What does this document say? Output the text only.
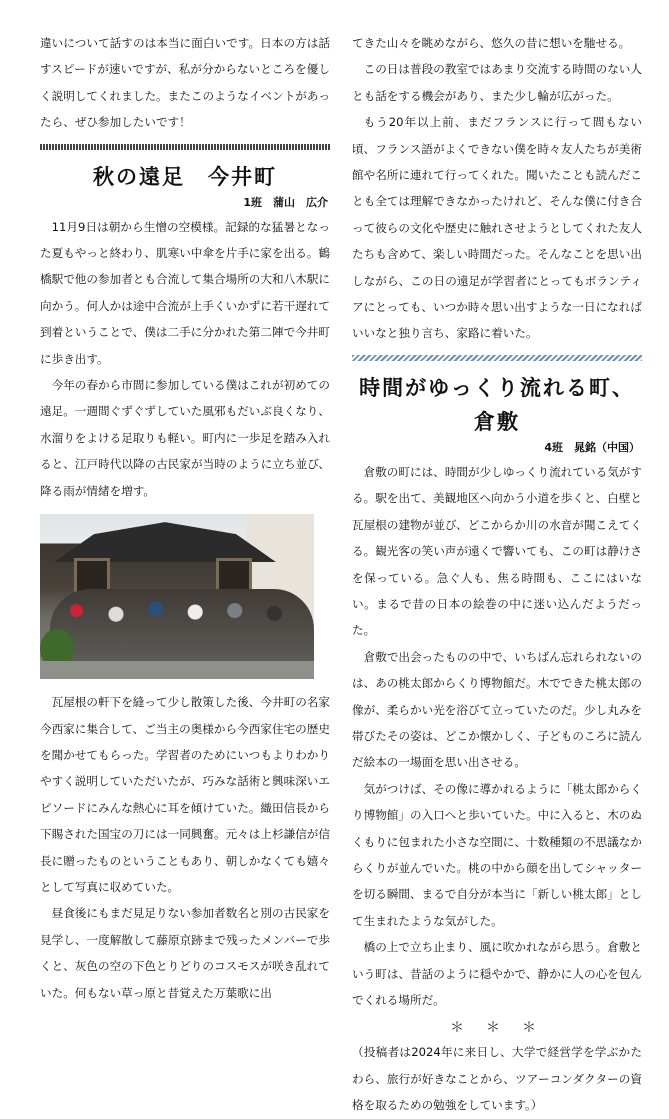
違いについて話すのは本当に面白いです。日本の方は話すスピードが速いですが、私が分からないところを優しく説明してくれました。またこのようなイベントがあったら、ぜひ参加したいです！

秋の遠足　今井町
1班　蒲山　広介

11月9日は朝から生憎の空模様。記録的な猛暑となった夏もやっと終わり、肌寒い中傘を片手に家を出る。鶴橋駅で他の参加者とも合流して集合場所の大和八木駅に向かう。何人かは途中合流が上手くいかずに若干遅れて到着ということで、僕は二手に分かれた第二陣で今井町に歩き出す。

今年の春から市間に参加している僕はこれが初めての遠足。一週間ぐずぐずしていた風邪もだいぶ良くなり、水溜りをよける足取りも軽い。町内に一歩足を踏み入れると、江戸時代以降の古民家が当時のように立ち並び、降る雨が情緒を増す。

瓦屋根の軒下を縫って少し散策した後、今井町の名家今西家に集合して、ご当主の奥様から今西家住宅の歴史を聞かせてもらった。学習者のためにいつもよりわかりやすく説明していただいたが、巧みな話術と興味深いエピソードにみんな熱心に耳を傾けていた。織田信長から下賜された国宝の刀には一同興奮。元々は上杉謙信が信長に贈ったものということもあり、朝しかなくても嬉々として写真に収めていた。

昼食後にもまだ見足りない参加者数名と別の古民家を見学し、一度解散して藤原京跡まで残ったメンバーで歩くと、灰色の空の下色とりどりのコスモスが咲き乱れていた。何もない草っ原と昔覚えた万葉歌に出

てきた山々を眺めながら、悠久の昔に想いを馳せる。

この日は普段の教室ではあまり交流する時間のない人とも話をする機会があり、また少し輪が広がった。

もう20年以上前、まだフランスに行って間もない頃、フランス語がよくできない僕を時々友人たちが美術館や名所に連れて行ってくれた。聞いたことも読んだことも全ては理解できなかったけれど、そんな僕に付き合って彼らの文化や歴史に触れさせようとしてくれた友人たちも含めて、楽しい時間だった。そんなことを思い出しながら、この日の遠足が学習者にとってもボランティアにとっても、いつか時々思い出すような一日になればいいなと独り言ち、家路に着いた。

時間がゆっくり流れる町、倉敷
4班　晁銘（中国）

倉敷の町には、時間が少しゆっくり流れている気がする。駅を出て、美観地区へ向かう小道を歩くと、白壁と瓦屋根の建物が並び、どこからか川の水音が聞こえてくる。観光客の笑い声が遠くで響いても、この町は静けさを保っている。急ぐ人も、焦る時間も、ここにはいない。まるで昔の日本の絵巻の中に迷い込んだようだった。

倉敷で出会ったものの中で、いちばん忘れられないのは、あの桃太郎からくり博物館だ。木でできた桃太郎の像が、柔らかい光を浴びて立っていたのだ。少し丸みを帯びたその姿は、どこか懐かしく、子どものころに読んだ絵本の一場面を思い出させる。

気がつけば、その像に導かれるように「桃太郎からくり博物館」の入口へと歩いていた。中に入ると、木のぬくもりに包まれた小さな空間に、十数種類の不思議なからくりが並んでいた。桃の中から顔を出してシャッターを切る瞬間、まるで自分が本当に「新しい桃太郎」として生まれたような気がした。

橋の上で立ち止まり、風に吹かれながら思う。倉敷という町は、昔話のように穏やかで、静かに人の心を包んでくれる場所だ。

＊＊＊

（投稿者は2024年に来日し、大学で経営学を学ぶかたわら、旅行が好きなことから、ツアーコンダクターの資格を取るための勉強をしています。）
